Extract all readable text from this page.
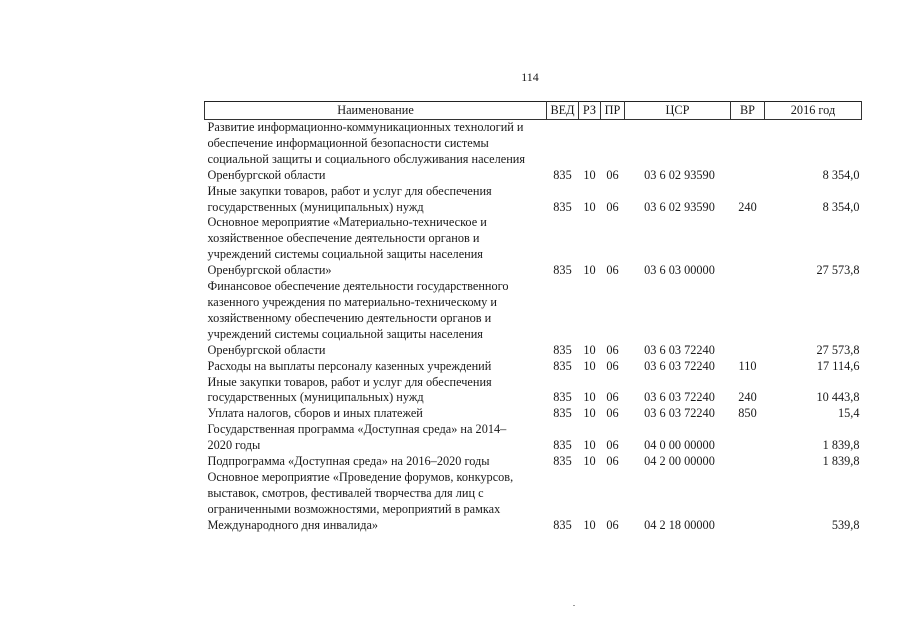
114
Наименование	ВЕД	РЗ	ПР	ЦСР	ВР	2016 год

Развитие информационно-коммуникационных технологий и
обеспечение информационной безопасности системы
социальной защиты и социального обслуживания населения
Оренбургской области	835	10	06	03 6 02 93590		8 354,0

Иные закупки товаров, работ и услуг для обеспечения
государственных (муниципальных) нужд	835	10	06	03 6 02 93590	240	8 354,0

Основное мероприятие «Материально-техническое и
хозяйственное обеспечение деятельности органов и
учреждений системы социальной защиты населения
Оренбургской области»	835	10	06	03 6 03 00000		27 573,8

Финансовое обеспечение деятельности государственного
казенного учреждения по материально-техническому и
хозяйственному обеспечению деятельности органов и
учреждений системы социальной защиты населения
Оренбургской области	835	10	06	03 6 03 72240		27 573,8

Расходы на выплаты персоналу казенных учреждений	835	10	06	03 6 03 72240	110	17 114,6

Иные закупки товаров, работ и услуг для обеспечения
государственных (муниципальных) нужд	835	10	06	03 6 03 72240	240	10 443,8

Уплата налогов, сборов и иных платежей	835	10	06	03 6 03 72240	850	15,4

Государственная программа «Доступная среда» на 2014–
2020 годы	835	10	06	04 0 00 00000		1 839,8

Подпрограмма «Доступная среда» на 2016–2020 годы	835	10	06	04 2 00 00000		1 839,8

Основное мероприятие «Проведение форумов, конкурсов,
выставок, смотров, фестивалей творчества для лиц с
ограниченными возможностями, мероприятий в рамках
Международного дня инвалида»	835	10	06	04 2 18 00000		539,8
